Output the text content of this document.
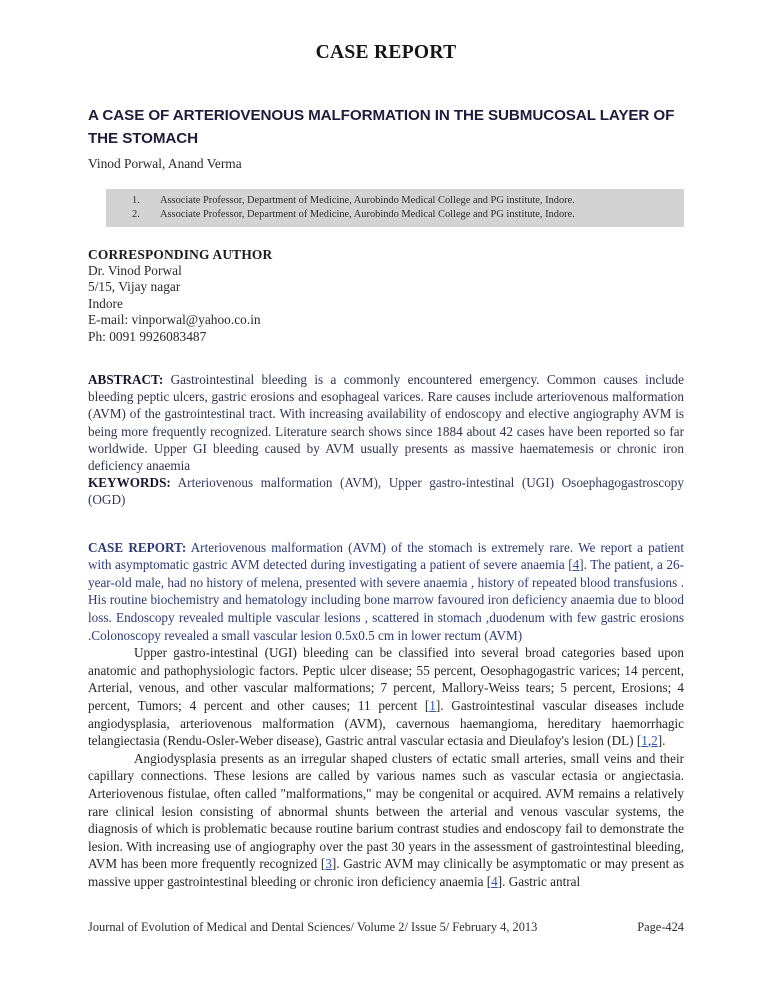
CASE REPORT
A CASE OF ARTERIOVENOUS MALFORMATION IN THE SUBMUCOSAL LAYER OF THE STOMACH
Vinod Porwal, Anand Verma
1.	Associate Professor, Department of Medicine, Aurobindo Medical College and PG institute, Indore.
2.	Associate Professor, Department of Medicine, Aurobindo Medical College and PG institute, Indore.
CORRESPONDING AUTHOR
Dr. Vinod Porwal
5/15, Vijay nagar
Indore
E-mail: vinporwal@yahoo.co.in
Ph: 0091 9926083487
ABSTRACT: Gastrointestinal bleeding is a commonly encountered emergency. Common causes include bleeding peptic ulcers, gastric erosions and esophageal varices. Rare causes include arteriovenous malformation (AVM) of the gastrointestinal tract. With increasing availability of endoscopy and elective angiography AVM is being more frequently recognized. Literature search shows since 1884 about 42 cases have been reported so far worldwide. Upper GI bleeding caused by AVM usually presents as massive haematemesis or chronic iron deficiency anaemia
KEYWORDS: Arteriovenous malformation (AVM), Upper gastro-intestinal (UGI) Osoephagogastroscopy (OGD)

CASE REPORT: Arteriovenous malformation (AVM) of the stomach is extremely rare. We report a patient with asymptomatic gastric AVM detected during investigating a patient of severe anaemia [4]. The patient, a 26-year-old male, had no history of melena, presented with severe anaemia , history of repeated blood transfusions . His routine biochemistry and hematology including bone marrow favoured iron deficiency anaemia due to blood loss. Endoscopy revealed multiple vascular lesions , scattered in stomach ,duodenum with few gastric erosions .Colonoscopy revealed a small vascular lesion 0.5x0.5 cm in lower rectum (AVM)

Upper gastro-intestinal (UGI) bleeding can be classified into several broad categories based upon anatomic and pathophysiologic factors. Peptic ulcer disease; 55 percent, Oesophagogastric varices; 14 percent, Arterial, venous, and other vascular malformations; 7 percent, Mallory-Weiss tears; 5 percent, Erosions; 4 percent, Tumors; 4 percent and other causes; 11 percent [1]. Gastrointestinal vascular diseases include angiodysplasia, arteriovenous malformation (AVM), cavernous haemangioma, hereditary haemorrhagic telangiectasia (Rendu-Osler-Weber disease), Gastric antral vascular ectasia and Dieulafoy's lesion (DL) [1,2].

Angiodysplasia presents as an irregular shaped clusters of ectatic small arteries, small veins and their capillary connections. These lesions are called by various names such as vascular ectasia or angiectasia. Arteriovenous fistulae, often called "malformations," may be congenital or acquired. AVM remains a relatively rare clinical lesion consisting of abnormal shunts between the arterial and venous vascular systems, the diagnosis of which is problematic because routine barium contrast studies and endoscopy fail to demonstrate the lesion. With increasing use of angiography over the past 30 years in the assessment of gastrointestinal bleeding, AVM has been more frequently recognized [3]. Gastric AVM may clinically be asymptomatic or may present as massive upper gastrointestinal bleeding or chronic iron deficiency anaemia [4]. Gastric antral

Journal of Evolution of Medical and Dental Sciences/ Volume 2/ Issue 5/ February 4, 2013	Page-424
